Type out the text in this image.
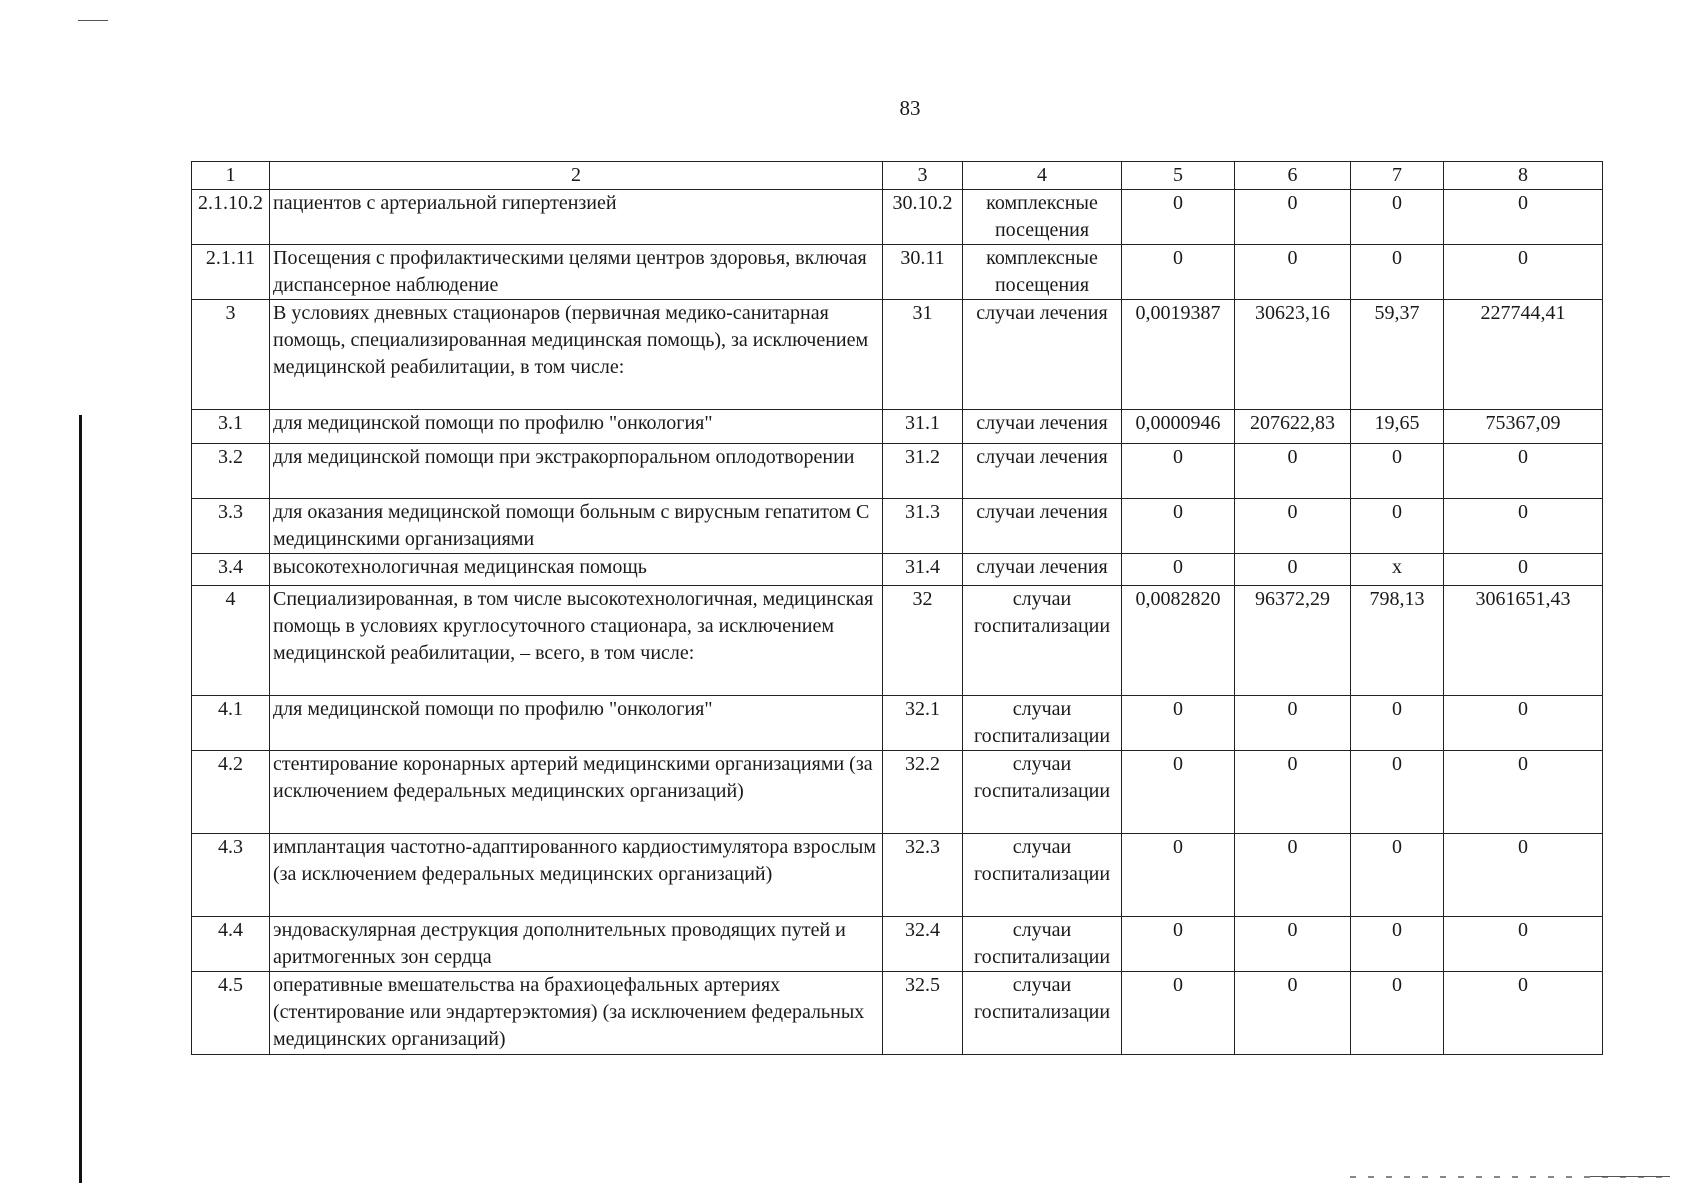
83
1	2	3	4	5	6	7	8
2.1.10.2	пациентов с артериальной гипертензией	30.10.2	комплексные посещения	0	0	0	0
2.1.11	Посещения с профилактическими целями центров здоровья, включая диспансерное наблюдение	30.11	комплексные посещения	0	0	0	0
3	В условиях дневных стационаров (первичная медико-санитарная помощь, специализированная медицинская помощь), за исключением медицинской реабилитации, в том числе:	31	случаи лечения	0,0019387	30623,16	59,37	227744,41
3.1	для медицинской помощи по профилю "онкология"	31.1	случаи лечения	0,0000946	207622,83	19,65	75367,09
3.2	для медицинской помощи при экстракорпоральном оплодотворении	31.2	случаи лечения	0	0	0	0
3.3	для оказания медицинской помощи больным с вирусным гепатитом С медицинскими организациями	31.3	случаи лечения	0	0	0	0
3.4	высокотехнологичная медицинская помощь	31.4	случаи лечения	0	0	x	0
4	Специализированная, в том числе высокотехнологичная, медицинская помощь в условиях круглосуточного стационара, за исключением медицинской реабилитации, – всего, в том числе:	32	случаи госпитализации	0,0082820	96372,29	798,13	3061651,43
4.1	для медицинской помощи по профилю "онкология"	32.1	случаи госпитализации	0	0	0	0
4.2	стентирование коронарных артерий медицинскими организациями (за исключением федеральных медицинских организаций)	32.2	случаи госпитализации	0	0	0	0
4.3	имплантация частотно-адаптированного кардиостимулятора взрослым (за исключением федеральных медицинских организаций)	32.3	случаи госпитализации	0	0	0	0
4.4	эндоваскулярная деструкция дополнительных проводящих путей и аритмогенных зон сердца	32.4	случаи госпитализации	0	0	0	0
4.5	оперативные вмешательства на брахиоцефальных артериях (стентирование или эндартерэктомия) (за исключением федеральных медицинских организаций)	32.5	случаи госпитализации	0	0	0	0
